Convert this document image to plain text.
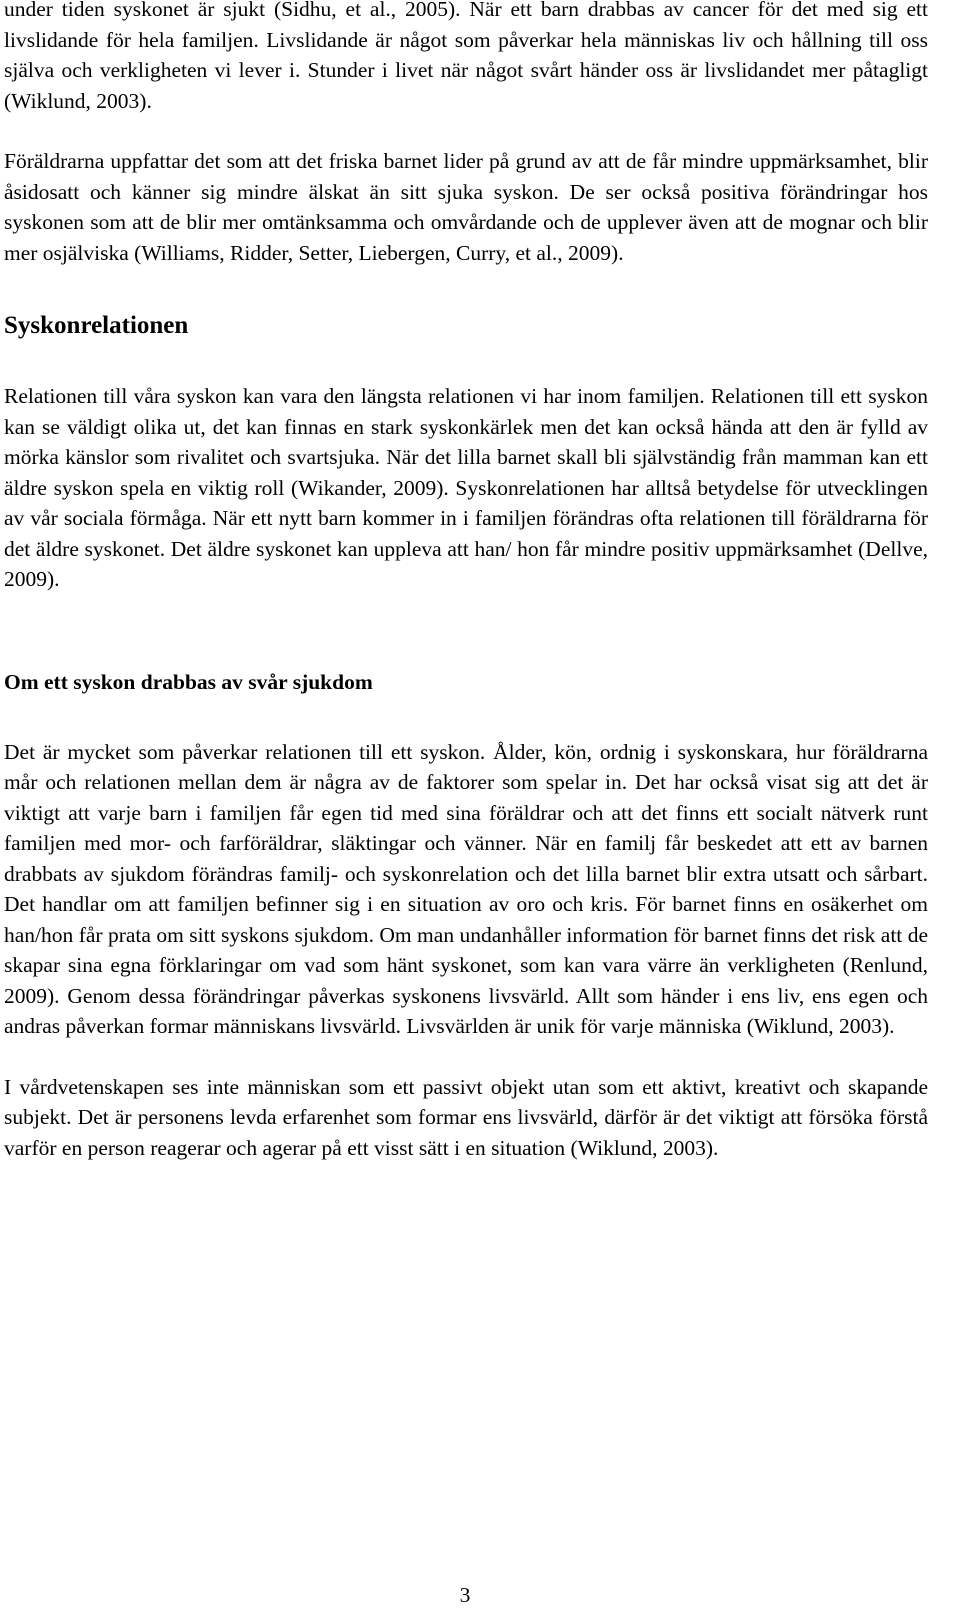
under tiden syskonet är sjukt (Sidhu, et al., 2005). När ett barn drabbas av cancer för det med sig ett livslidande för hela familjen. Livslidande är något som påverkar hela människas liv och hållning till oss själva och verkligheten vi lever i. Stunder i livet när något svårt händer oss är livslidandet mer påtagligt (Wiklund, 2003).

Föräldrarna uppfattar det som att det friska barnet lider på grund av att de får mindre uppmärksamhet, blir åsidosatt och känner sig mindre älskat än sitt sjuka syskon. De ser också positiva förändringar hos syskonen som att de blir mer omtänksamma och omvårdande och de upplever även att de mognar och blir mer osjälviska (Williams, Ridder, Setter, Liebergen, Curry, et al., 2009).

Syskonrelationen

Relationen till våra syskon kan vara den längsta relationen vi har inom familjen. Relationen till ett syskon kan se väldigt olika ut, det kan finnas en stark syskonkärlek men det kan också hända att den är fylld av mörka känslor som rivalitet och svartsjuka. När det lilla barnet skall bli självständig från mamman kan ett äldre syskon spela en viktig roll (Wikander, 2009). Syskonrelationen har alltså betydelse för utvecklingen av vår sociala förmåga. När ett nytt barn kommer in i familjen förändras ofta relationen till föräldrarna för det äldre syskonet. Det äldre syskonet kan uppleva att han/ hon får mindre positiv uppmärksamhet (Dellve, 2009).

Om ett syskon drabbas av svår sjukdom

Det är mycket som påverkar relationen till ett syskon. Ålder, kön, ordnig i syskonskara, hur föräldrarna mår och relationen mellan dem är några av de faktorer som spelar in. Det har också visat sig att det är viktigt att varje barn i familjen får egen tid med sina föräldrar och att det finns ett socialt nätverk runt familjen med mor- och farföräldrar, släktingar och vänner. När en familj får beskedet att ett av barnen drabbats av sjukdom förändras familj- och syskonrelation och det lilla barnet blir extra utsatt och sårbart. Det handlar om att familjen befinner sig i en situation av oro och kris. För barnet finns en osäkerhet om han/hon får prata om sitt syskons sjukdom. Om man undanhåller information för barnet finns det risk att de skapar sina egna förklaringar om vad som hänt syskonet, som kan vara värre än verkligheten (Renlund, 2009). Genom dessa förändringar påverkas syskonens livsvärld. Allt som händer i ens liv, ens egen och andras påverkan formar människans livsvärld. Livsvärlden är unik för varje människa (Wiklund, 2003).

I vårdvetenskapen ses inte människan som ett passivt objekt utan som ett aktivt, kreativt och skapande subjekt. Det är personens levda erfarenhet som formar ens livsvärld, därför är det viktigt att försöka förstå varför en person reagerar och agerar på ett visst sätt i en situation (Wiklund, 2003).

3
